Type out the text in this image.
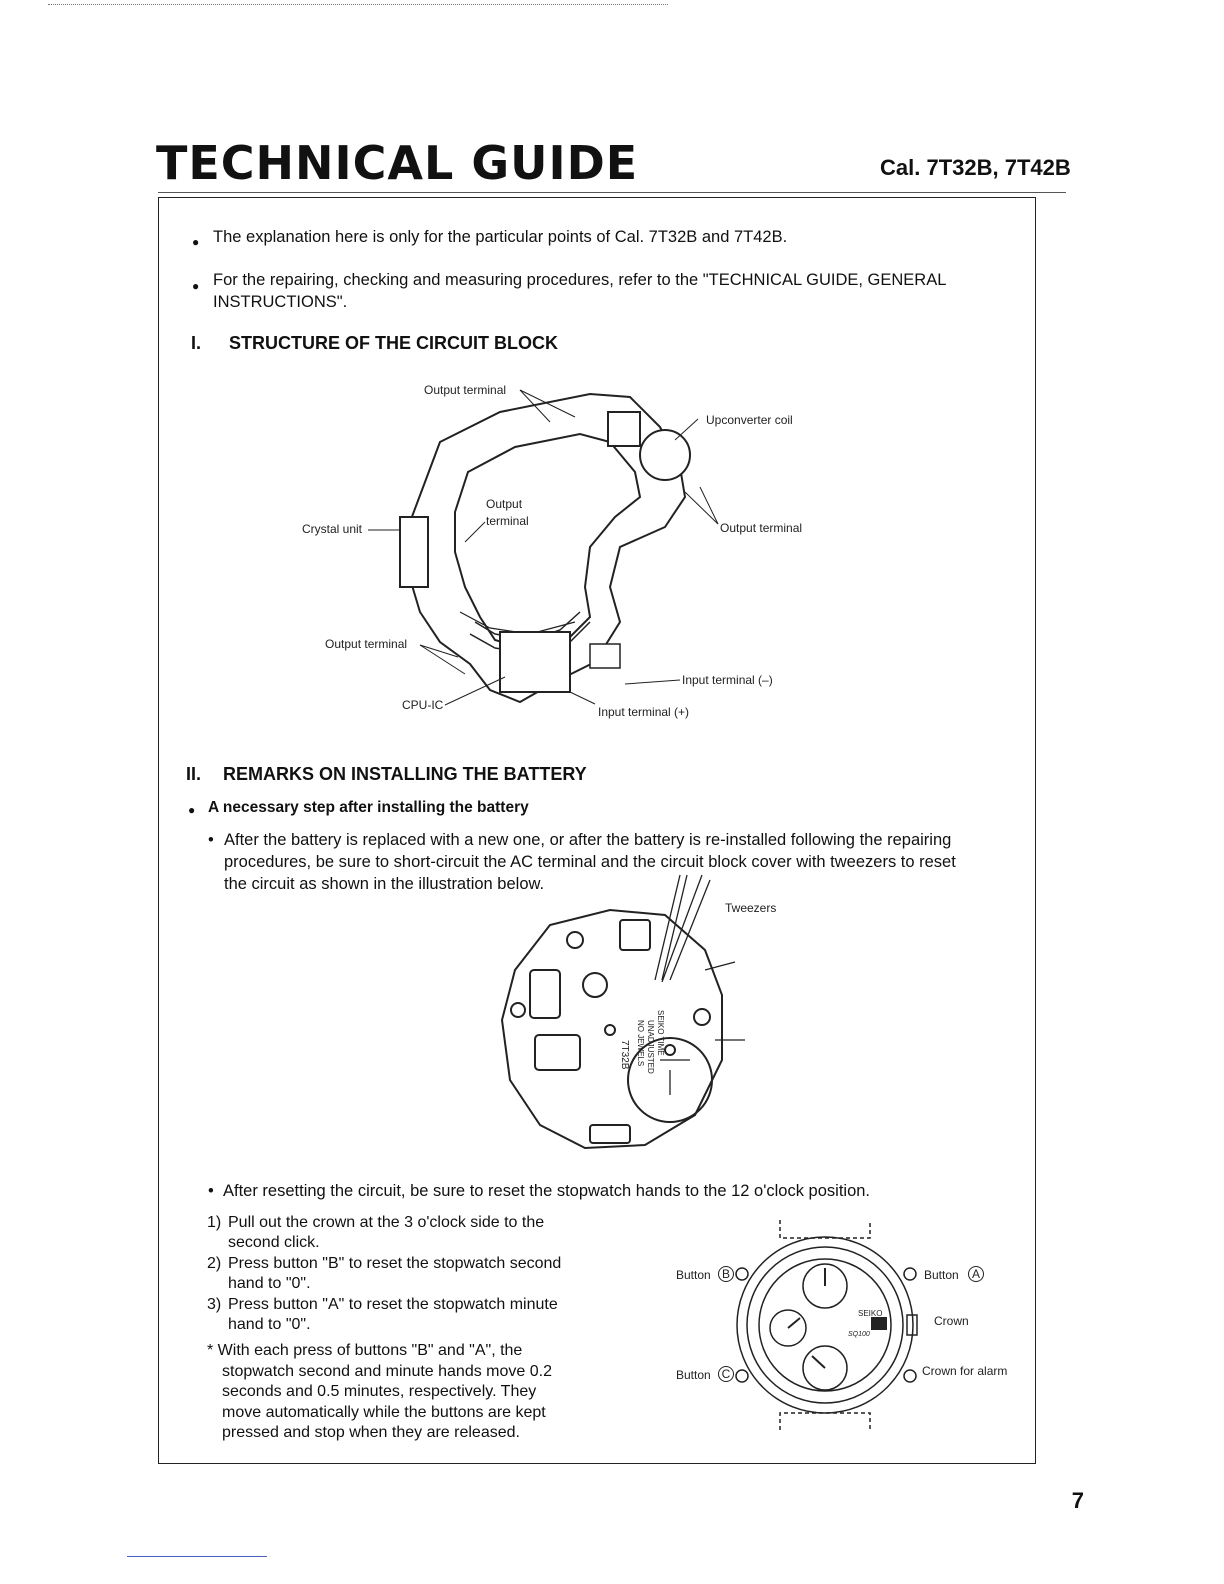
TECHNICAL GUIDE	Cal. 7T32B, 7T42B
● The explanation here is only for the particular points of Cal. 7T32B and 7T42B.
● For the repairing, checking and measuring procedures, refer to the "TECHNICAL GUIDE, GENERAL
INSTRUCTIONS".
I. STRUCTURE OF THE CIRCUIT BLOCK
Output terminal
Upconverter coil
Output
terminal
Crystal unit	Output terminal
Output terminal
Input terminal (–)
CPU-IC	Input terminal (+)
II. REMARKS ON INSTALLING THE BATTERY
● A necessary step after installing the battery
• After the battery is replaced with a new one, or after the battery is re-installed following the repairing
procedures, be sure to short-circuit the AC terminal and the circuit block cover with tweezers to reset
the circuit as shown in the illustration below.
7T32B NO JEWELS UNADJUSTED SEIKO TIME
Tweezers
• After resetting the circuit, be sure to reset the stopwatch hands to the 12 o'clock position.
1) Pull out the crown at the 3 o'clock side to the
second click.
2) Press button "B" to reset the stopwatch second
hand to "0".
3) Press button "A" to reset the stopwatch minute
hand to "0".
* With each press of buttons "B" and "A", the
stopwatch second and minute hands move 0.2
seconds and 0.5 minutes, respectively. They
move automatically while the buttons are kept
pressed and stop when they are released.
SEIKO
SQ100
Button B	Button	A
Crown
Button C	Crown for alarm
7
